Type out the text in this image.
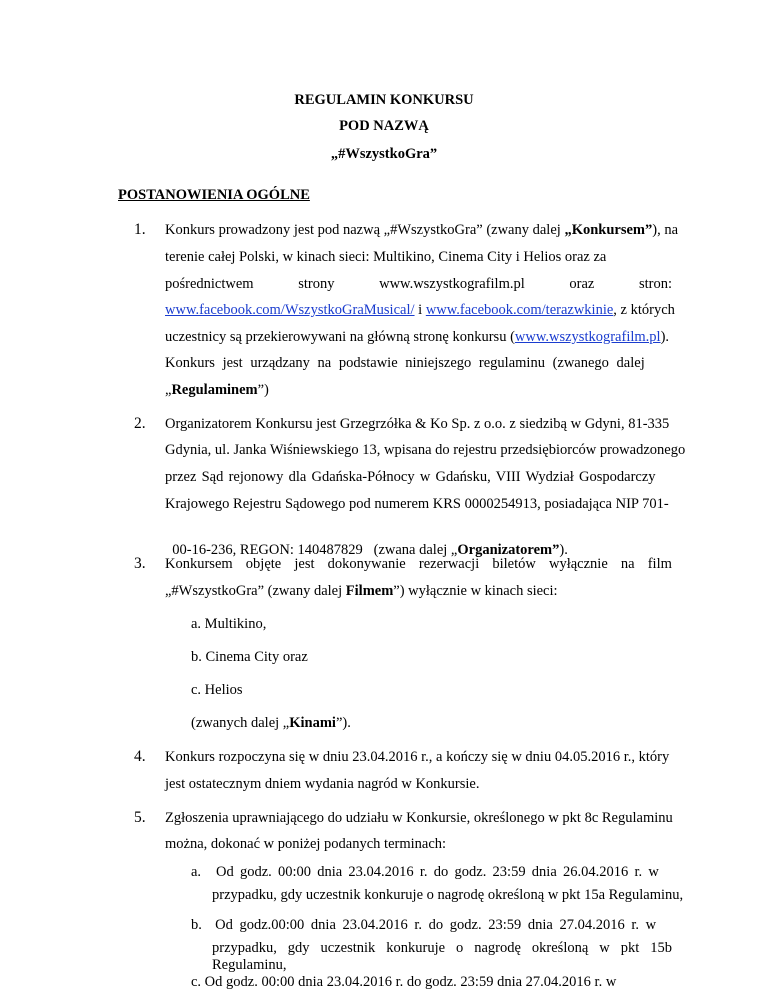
REGULAMIN KONKURSU
POD NAZWĄ
„#WszystkoGra”
POSTANOWIENIA OGÓLNE
1. Konkurs prowadzony jest pod nazwą „#WszystkoGra” (zwany dalej „Konkursem”), na
terenie całej Polski, w kinach sieci: Multikino, Cinema City i Helios oraz za
pośrednictwem	strony	www.wszystkografilm.pl	oraz	stron:
www.facebook.com/WszystkoGraMusical/ i www.facebook.com/terazwkinie, z których
uczestnicy są przekierowywani na główną stronę konkursu (www.wszystkografilm.pl).
Konkurs jest urządzany na podstawie niniejszego regulaminu (zwanego dalej
„Regulaminem”)
2. Organizatorem Konkursu jest Grzegrzółka & Ko Sp. z o.o. z siedzibą w Gdyni, 81-335
Gdynia, ul. Janka Wiśniewskiego 13, wpisana do rejestru przedsiębiorców prowadzonego
przez Sąd rejonowy dla Gdańska-Północy w Gdańsku, VIII Wydział Gospodarczy
Krajowego Rejestru Sądowego pod numerem KRS 0000254913, posiadająca NIP 701-

00-16-236, REGON: 140487829   (zwana dalej „Organizatorem”).

3. Konkursem objęte jest dokonywanie rezerwacji biletów wyłącznie na film
„#WszystkoGra” (zwany dalej Filmem”) wyłącznie w kinach sieci:
a. Multikino,
b. Cinema City oraz
c. Helios
(zwanych dalej „Kinami”).
4. Konkurs rozpoczyna się w dniu 23.04.2016 r., a kończy się w dniu 04.05.2016 r., który
jest ostatecznym dniem wydania nagród w Konkursie.
5. Zgłoszenia uprawniającego do udziału w Konkursie, określonego w pkt 8c Regulaminu
można, dokonać w poniżej podanych terminach:
a. Od godz. 00:00 dnia 23.04.2016 r. do godz. 23:59 dnia 26.04.2016 r. w
przypadku, gdy uczestnik konkuruje o nagrodę określoną w pkt 15a Regulaminu,
b.  Od godz.00:00 dnia 23.04.2016 r. do godz. 23:59 dnia 27.04.2016 r. w
przypadku, gdy uczestnik konkuruje o nagrodę określoną w pkt 15b
Regulaminu,
c. Od godz. 00:00 dnia 23.04.2016 r. do godz. 23:59 dnia 27.04.2016 r. w
